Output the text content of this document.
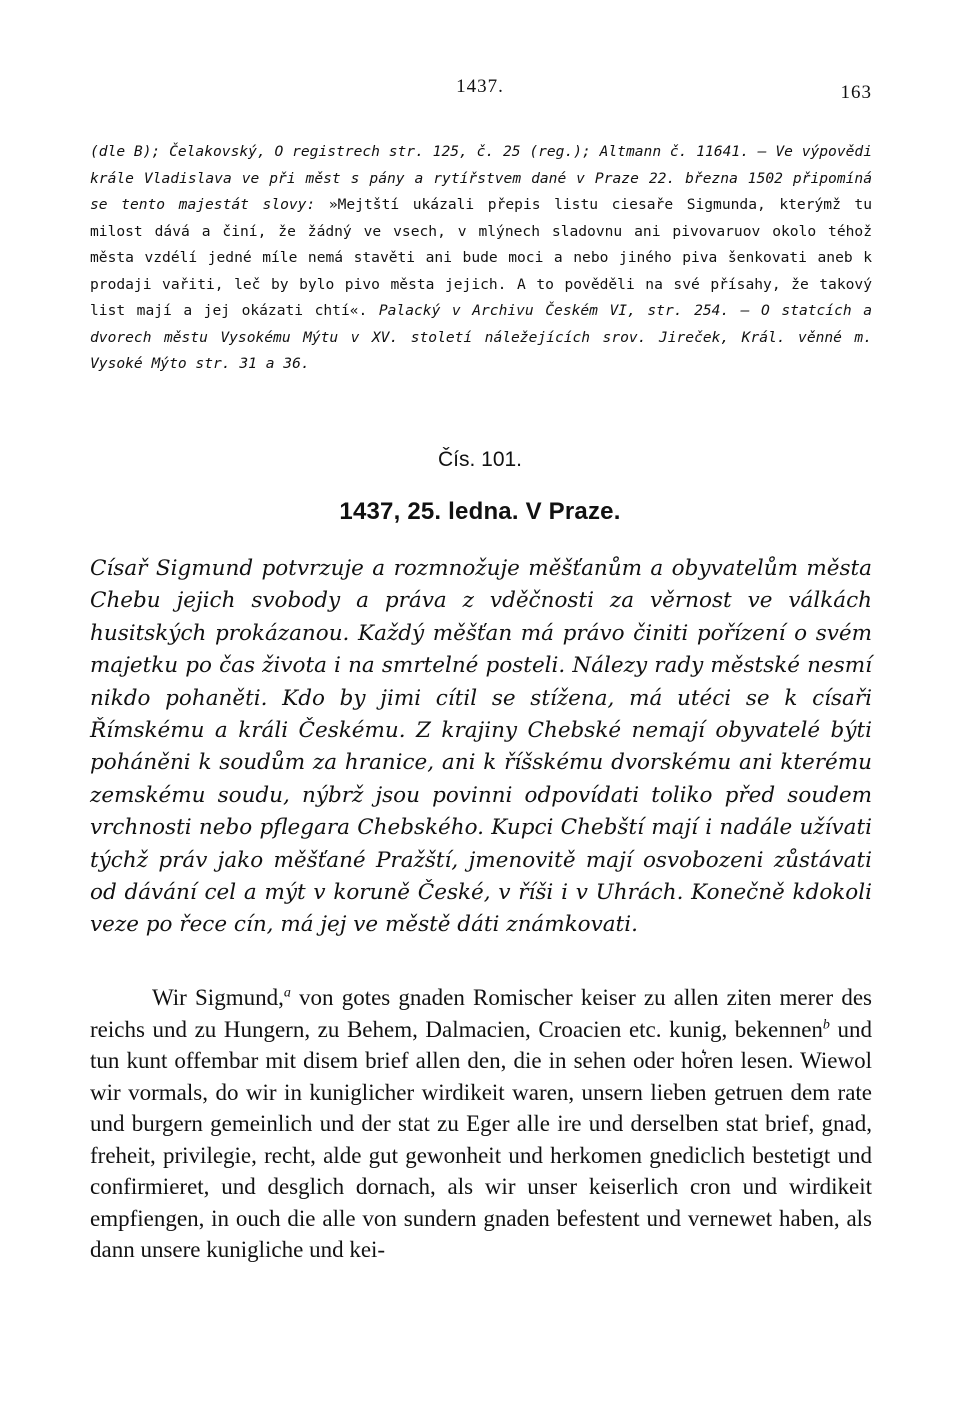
1437.	163

(dle B); Čelakovský, O registrech str. 125, č. 25 (reg.); Altmann č. 11641. — Ve výpovědi krále Vladislava ve při měst s pány a rytířstvem dané v Praze 22. března 1502 připomíná se tento majestát slovy: »Mejtští ukázali přepis listu ciesaře Sigmunda, kterýmž tu milost dává a činí, že žádný ve vsech, v mlýnech sladovnu ani pivovaruov okolo téhož města vzdélí jedné míle nemá stavěti ani bude moci a nebo jiného piva šenkovati aneb k prodaji vařiti, leč by bylo pivo města jejich. A to pověděli na své přísahy, že takový list mají a jej okázati chtí«. Palacký v Archivu Českém VI, str. 254. — O statcích a dvorech městu Vysokému Mýtu v XV. století náležejících srov. Jireček, Král. věnné m. Vysoké Mýto str. 31 a 36.

Čís. 101.

1437, 25. ledna. V Praze.

Císař Sigmund potvrzuje a rozmnožuje měšťanům a obyvatelům města Chebu jejich svobody a práva z vděčnosti za věrnost ve válkách husitských prokázanou. Každý měšťan má právo činiti pořízení o svém majetku po čas života i na smrtelné posteli. Nálezy rady městské nesmí nikdo pohaněti. Kdo by jimi cítil se stížena, má utéci se k císaři Římskému a králi Českému. Z krajiny Chebské nemají obyvatelé býti poháněni k soudům za hranice, ani k říšskému dvorskému ani kterému zemskému soudu, nýbrž jsou povinni odpovídati toliko před soudem vrchnosti nebo pflegara Chebského. Kupci Chebští mají i nadále užívati týchž práv jako měšťané Pražští, jmenovitě mají osvobozeni zůstávati od dávání cel a mýt v koruně České, v říši i v Uhrách. Konečně kdokoli veze po řece cín, má jej ve městě dáti známkovati.

Wir Sigmund,$^a$ von gotes gnaden Romischer keiser zu allen ziten merer des reichs und zu Hungern, zu Behem, Dalmacien, Croacien etc. kunig, bekennen$^b$ und tun kunt offembar mit disem brief allen den, die in sehen oder ho͛ren lesen. Wiewol wir vormals, do wir in kuniglicher wirdikeit waren, unsern lieben getruen dem rate und burgern gemeinlich und der stat zu Eger alle ire und derselben stat brief, gnad, freheit, privilegie, recht, alde gut gewonheit und herkomen gnediclich bestetigt und confirmieret, und desglich dornach, als wir unser keiserlich cron und wirdikeit empfiengen, in ouch die alle von sundern gnaden befestent und vernewet haben, als dann unsere kunigliche und kei-
